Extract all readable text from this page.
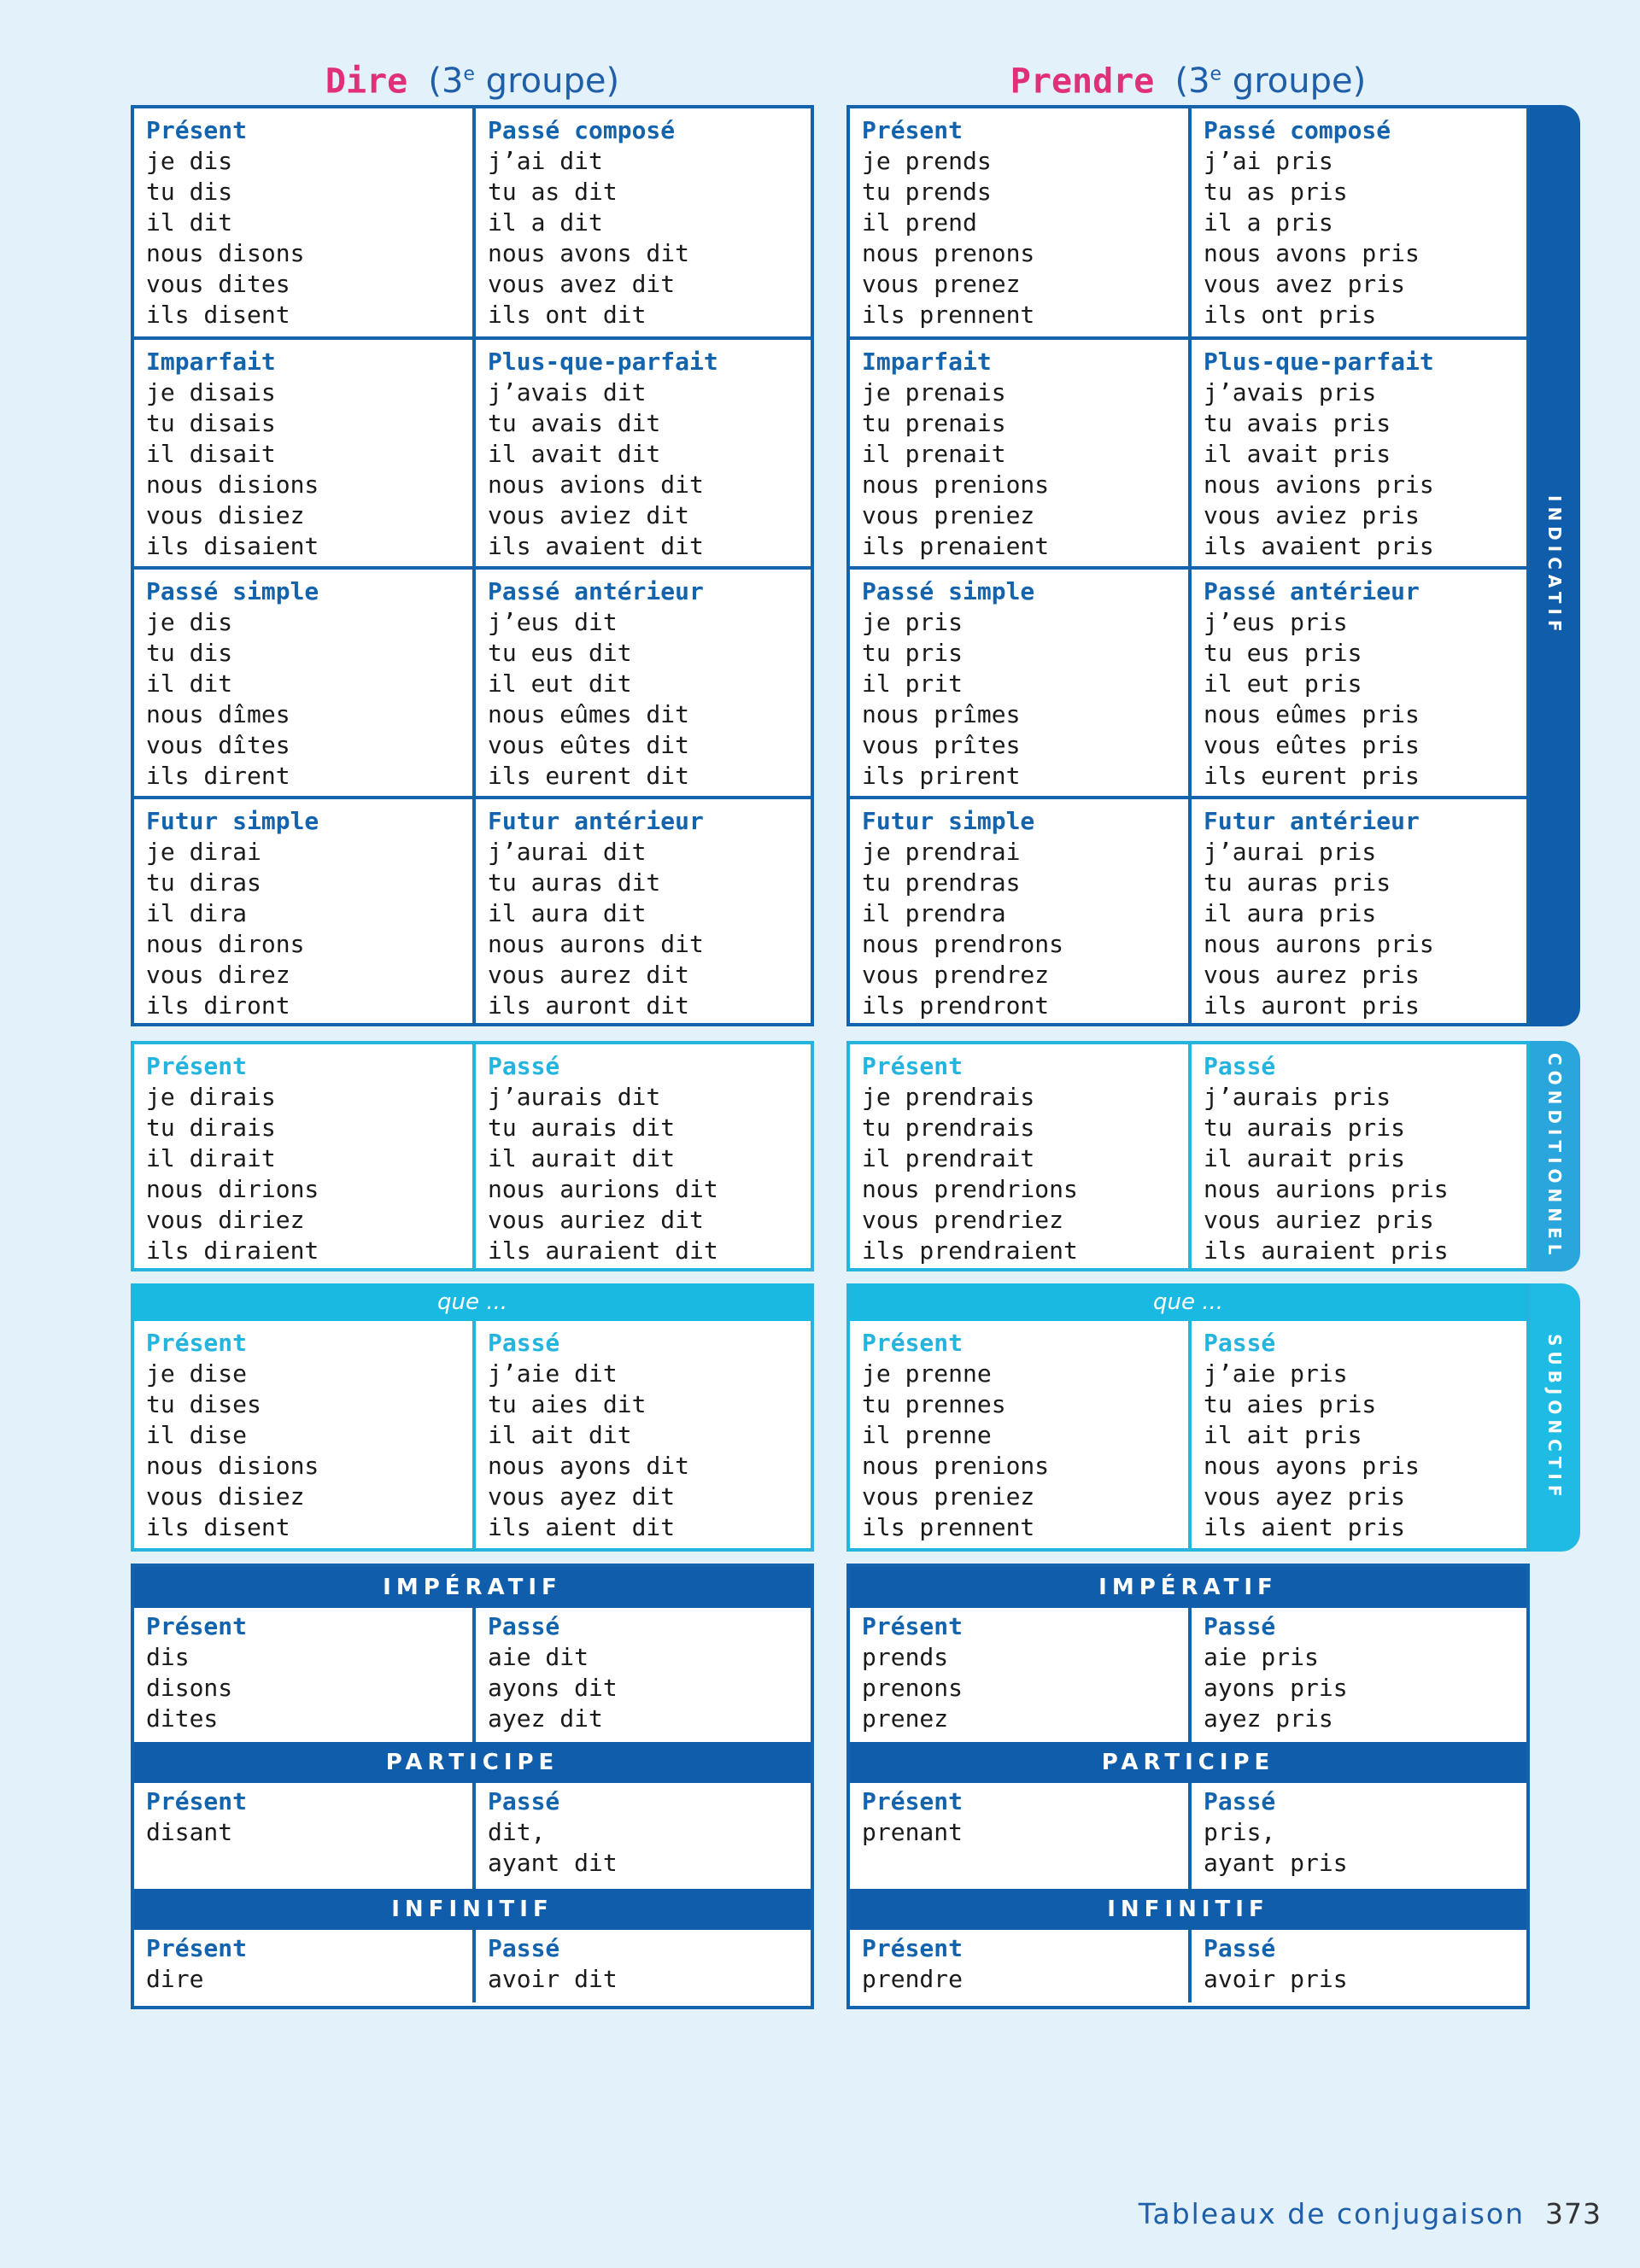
INDICATIF
CONDITIONNEL
SUBJONCTIF
Tableaux de conjugaison 373
Dire (3e groupe)
Présent
je dis
tu dis
il dit
nous disons
vous dites
ils disent
Passé composé
j’ai dit
tu as dit
il a dit
nous avons dit
vous avez dit
ils ont dit
Imparfait
je disais
tu disais
il disait
nous disions
vous disiez
ils disaient
Plus-que-parfait
j’avais dit
tu avais dit
il avait dit
nous avions dit
vous aviez dit
ils avaient dit
Passé simple
je dis
tu dis
il dit
nous dîmes
vous dîtes
ils dirent
Passé antérieur
j’eus dit
tu eus dit
il eut dit
nous eûmes dit
vous eûtes dit
ils eurent dit
Futur simple
je dirai
tu diras
il dira
nous dirons
vous direz
ils diront
Futur antérieur
j’aurai dit
tu auras dit
il aura dit
nous aurons dit
vous aurez dit
ils auront dit
Présent
je dirais
tu dirais
il dirait
nous dirions
vous diriez
ils diraient
Passé
j’aurais dit
tu aurais dit
il aurait dit
nous aurions dit
vous auriez dit
ils auraient dit
que ...
Présent
je dise
tu dises
il dise
nous disions
vous disiez
ils disent
Passé
j’aie dit
tu aies dit
il ait dit
nous ayons dit
vous ayez dit
ils aient dit
IMPÉRATIF
Présent
dis
disons
dites
Passé
aie dit
ayons dit
ayez dit
PARTICIPE
Présent
disant
Passé
dit,
ayant dit
INFINITIF
Présent
dire
Passé
avoir dit
Prendre (3e groupe)
Présent
je prends
tu prends
il prend
nous prenons
vous prenez
ils prennent
Passé composé
j’ai pris
tu as pris
il a pris
nous avons pris
vous avez pris
ils ont pris
Imparfait
je prenais
tu prenais
il prenait
nous prenions
vous preniez
ils prenaient
Plus-que-parfait
j’avais pris
tu avais pris
il avait pris
nous avions pris
vous aviez pris
ils avaient pris
Passé simple
je pris
tu pris
il prit
nous prîmes
vous prîtes
ils prirent
Passé antérieur
j’eus pris
tu eus pris
il eut pris
nous eûmes pris
vous eûtes pris
ils eurent pris
Futur simple
je prendrai
tu prendras
il prendra
nous prendrons
vous prendrez
ils prendront
Futur antérieur
j’aurai pris
tu auras pris
il aura pris
nous aurons pris
vous aurez pris
ils auront pris
Présent
je prendrais
tu prendrais
il prendrait
nous prendrions
vous prendriez
ils prendraient
Passé
j’aurais pris
tu aurais pris
il aurait pris
nous aurions pris
vous auriez pris
ils auraient pris
que ...
Présent
je prenne
tu prennes
il prenne
nous prenions
vous preniez
ils prennent
Passé
j’aie pris
tu aies pris
il ait pris
nous ayons pris
vous ayez pris
ils aient pris
IMPÉRATIF
Présent
prends
prenons
prenez
Passé
aie pris
ayons pris
ayez pris
PARTICIPE
Présent
prenant
Passé
pris,
ayant pris
INFINITIF
Présent
prendre
Passé
avoir pris
